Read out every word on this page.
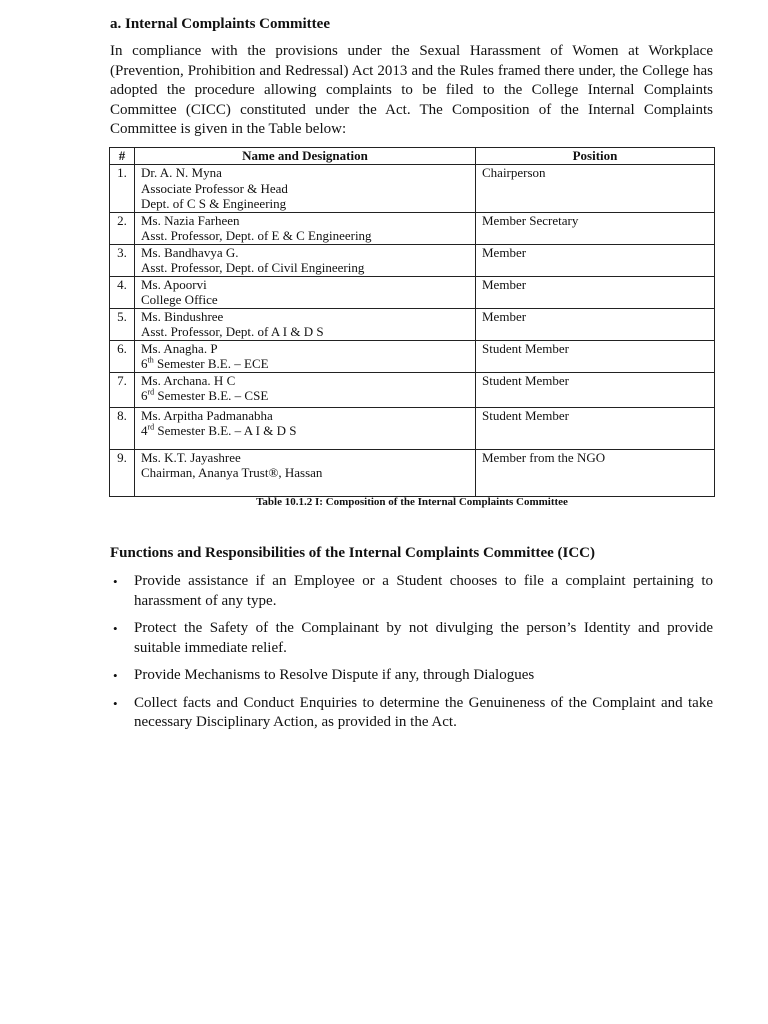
a. Internal Complaints Committee

In compliance with the provisions under the Sexual Harassment of Women at Workplace (Prevention, Prohibition and Redressal) Act 2013 and the Rules framed there under, the College has adopted the procedure allowing complaints to be filed to the College Internal Complaints Committee (CICC) constituted under the Act. The Composition of the Internal Complaints Committee is given in the Table below:

#	Name and Designation	Position
1.	Dr. A. N. Myna
Associate Professor & Head
Dept. of C S & Engineering	Chairperson
2.	Ms. Nazia Farheen
Asst. Professor, Dept. of E & C Engineering	Member Secretary
3.	Ms. Bandhavya G.
Asst. Professor, Dept. of Civil Engineering	Member
4.	Ms. Apoorvi
College Office	Member
5.	Ms. Bindushree
Asst. Professor, Dept. of A I & D S	Member
6.	Ms. Anagha. P
6th Semester B.E. – ECE	Student Member
7.	Ms. Archana. H C
6rd Semester B.E. – CSE	Student Member
8.	Ms. Arpitha Padmanabha
4rd Semester B.E. – A I & D S	Student Member
9.	Ms. K.T. Jayashree
Chairman, Ananya Trust®, Hassan	Member from the NGO
Table 10.1.2 I: Composition of the Internal Complaints Committee
Functions and Responsibilities of the Internal Complaints Committee (ICC)
• Provide assistance if an Employee or a Student chooses to file a complaint pertaining to harassment of any type.
• Protect the Safety of the Complainant by not divulging the person’s Identity and provide suitable immediate relief.
• Provide Mechanisms to Resolve Dispute if any, through Dialogues
• Collect facts and Conduct Enquiries to determine the Genuineness of the Complaint and take necessary Disciplinary Action, as provided in the Act.
